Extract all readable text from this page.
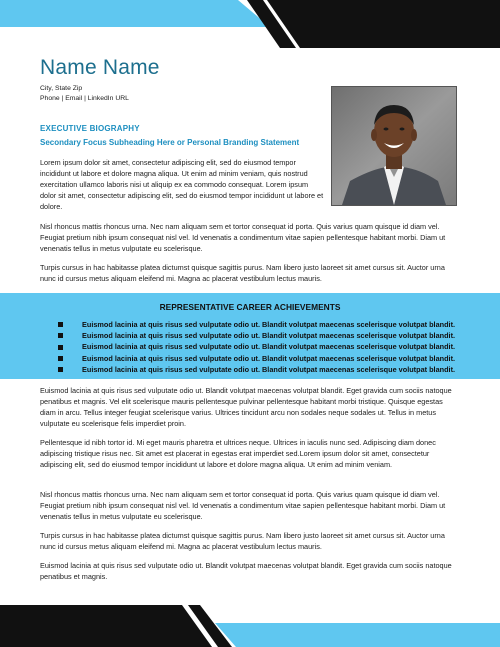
Name Name
City, State Zip
Phone | Email | LinkedIn URL
EXECUTIVE BIOGRAPHY
Secondary Focus Subheading Here or Personal Branding Statement

Lorem ipsum dolor sit amet, consectetur adipiscing elit, sed do eiusmod tempor incididunt ut labore et dolore magna aliqua. Ut enim ad minim veniam, quis nostrud exercitation ullamco laboris nisi ut aliquip ex ea commodo consequat. Lorem ipsum dolor sit amet, consectetur adipiscing elit, sed do eiusmod tempor incididunt ut labore et dolore.

Nisl rhoncus mattis rhoncus urna. Nec nam aliquam sem et tortor consequat id porta. Quis varius quam quisque id diam vel. Feugiat pretium nibh ipsum consequat nisl vel. Id venenatis a condimentum vitae sapien pellentesque habitant morbi. Diam ut venenatis tellus in metus vulputate eu scelerisque.

Turpis cursus in hac habitasse platea dictumst quisque sagittis purus. Nam libero justo laoreet sit amet cursus sit. Auctor urna nunc id cursus metus aliquam eleifend mi. Magna ac placerat vestibulum lectus mauris.

REPRESENTATIVE CAREER ACHIEVEMENTS
Euismod lacinia at quis risus sed vulputate odio ut. Blandit volutpat maecenas scelerisque volutpat blandit.
Euismod lacinia at quis risus sed vulputate odio ut. Blandit volutpat maecenas scelerisque volutpat blandit.
Euismod lacinia at quis risus sed vulputate odio ut. Blandit volutpat maecenas scelerisque volutpat blandit.
Euismod lacinia at quis risus sed vulputate odio ut. Blandit volutpat maecenas scelerisque volutpat blandit.
Euismod lacinia at quis risus sed vulputate odio ut. Blandit volutpat maecenas scelerisque volutpat blandit.

Euismod lacinia at quis risus sed vulputate odio ut. Blandit volutpat maecenas volutpat blandit. Eget gravida cum sociis natoque penatibus et magnis. Vel elit scelerisque mauris pellentesque pulvinar pellentesque habitant morbi tristique. Quisque egestas diam in arcu. Tellus integer feugiat scelerisque varius. Ultrices tincidunt arcu non sodales neque sodales ut. Tellus in metus vulputate eu scelerisque felis imperdiet proin.

Pellentesque id nibh tortor id. Mi eget mauris pharetra et ultrices neque. Ultrices in iaculis nunc sed. Adipiscing diam donec adipiscing tristique risus nec. Sit amet est placerat in egestas erat imperdiet sed.Lorem ipsum dolor sit amet, consectetur adipiscing elit, sed do eiusmod tempor incididunt ut labore et dolore magna aliqua. Ut enim ad minim veniam.

Nisl rhoncus mattis rhoncus urna. Nec nam aliquam sem et tortor consequat id porta. Quis varius quam quisque id diam vel. Feugiat pretium nibh ipsum consequat nisl vel. Id venenatis a condimentum vitae sapien pellentesque habitant morbi. Diam ut venenatis tellus in metus vulputate eu scelerisque.

Turpis cursus in hac habitasse platea dictumst quisque sagittis purus. Nam libero justo laoreet sit amet cursus sit. Auctor urna nunc id cursus metus aliquam eleifend mi. Magna ac placerat vestibulum lectus mauris.

Euismod lacinia at quis risus sed vulputate odio ut. Blandit volutpat maecenas volutpat blandit. Eget gravida cum sociis natoque penatibus et magnis.
